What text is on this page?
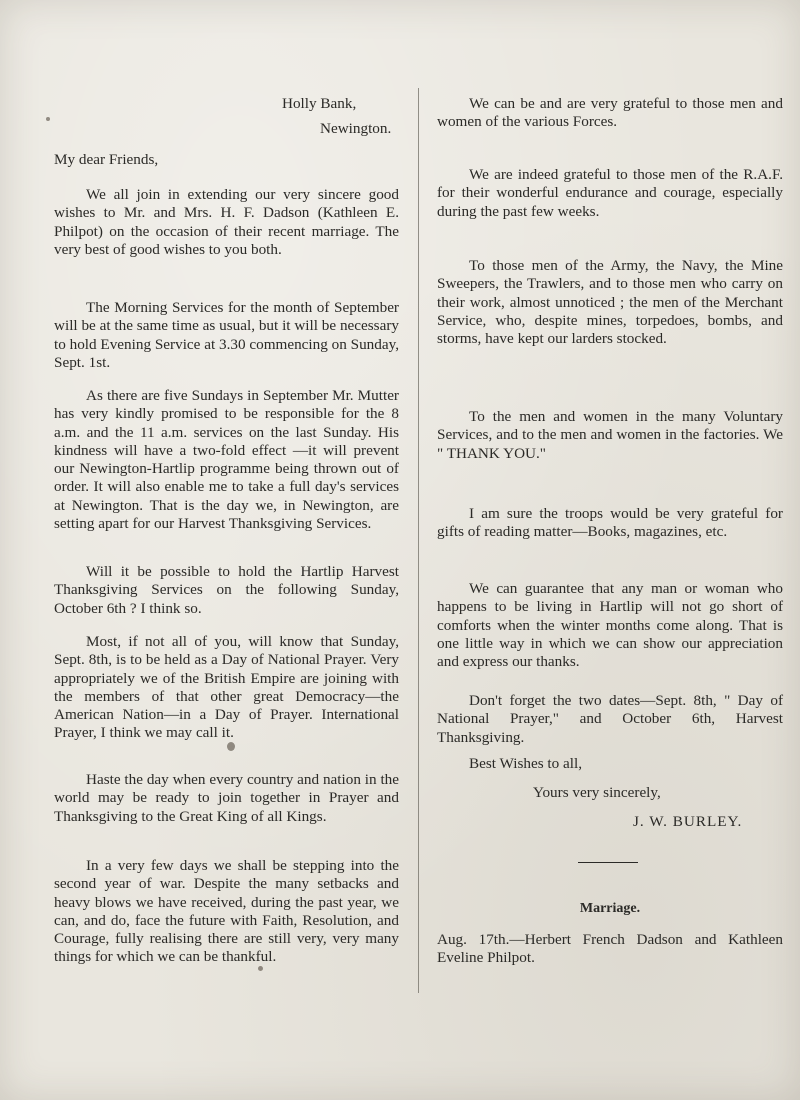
Holly Bank,

Newington.

My dear Friends,

We all join in extending our very sincere good wishes to Mr. and Mrs. H. F. Dadson (Kathleen E. Philpot) on the occasion of their recent marriage. The very best of good wishes to you both.

The Morning Services for the month of September will be at the same time as usual, but it will be necessary to hold Evening Service at 3.30 commencing on Sunday, Sept. 1st.

As there are five Sundays in September Mr. Mutter has very kindly promised to be responsible for the 8 a.m. and the 11 a.m. services on the last Sunday. His kindness will have a two-fold effect —it will prevent our Newington-Hartlip programme being thrown out of order. It will also enable me to take a full day's services at Newington. That is the day we, in Newington, are setting apart for our Harvest Thanksgiving Services.

Will it be possible to hold the Hartlip Harvest Thanksgiving Services on the following Sunday, October 6th ? I think so.

Most, if not all of you, will know that Sunday, Sept. 8th, is to be held as a Day of National Prayer. Very appropriately we of the British Empire are joining with the members of that other great Democracy—the American Nation—in a Day of Prayer. International Prayer, I think we may call it.

Haste the day when every country and nation in the world may be ready to join together in Prayer and Thanksgiving to the Great King of all Kings.

In a very few days we shall be stepping into the second year of war. Despite the many setbacks and heavy blows we have received, during the past year, we can, and do, face the future with Faith, Resolution, and Courage, fully realising there are still very, very many things for which we can be thankful.

We can be and are very grateful to those men and women of the various Forces.

We are indeed grateful to those men of the R.A.F. for their wonderful endurance and courage, especially during the past few weeks.

To those men of the Army, the Navy, the Mine Sweepers, the Trawlers, and to those men who carry on their work, almost unnoticed ; the men of the Merchant Service, who, despite mines, torpedoes, bombs, and storms, have kept our larders stocked.

To the men and women in the many Voluntary Services, and to the men and women in the factories. We " THANK YOU."

I am sure the troops would be very grateful for gifts of reading matter—Books, magazines, etc.

We can guarantee that any man or woman who happens to be living in Hartlip will not go short of comforts when the winter months come along. That is one little way in which we can show our appreciation and express our thanks.

Don't forget the two dates—Sept. 8th, " Day of National Prayer," and October 6th, Harvest Thanksgiving.

Best Wishes to all,

Yours very sincerely,

J. W. BURLEY.

Marriage.

Aug. 17th.—Herbert French Dadson and Kathleen Eveline Philpot.
